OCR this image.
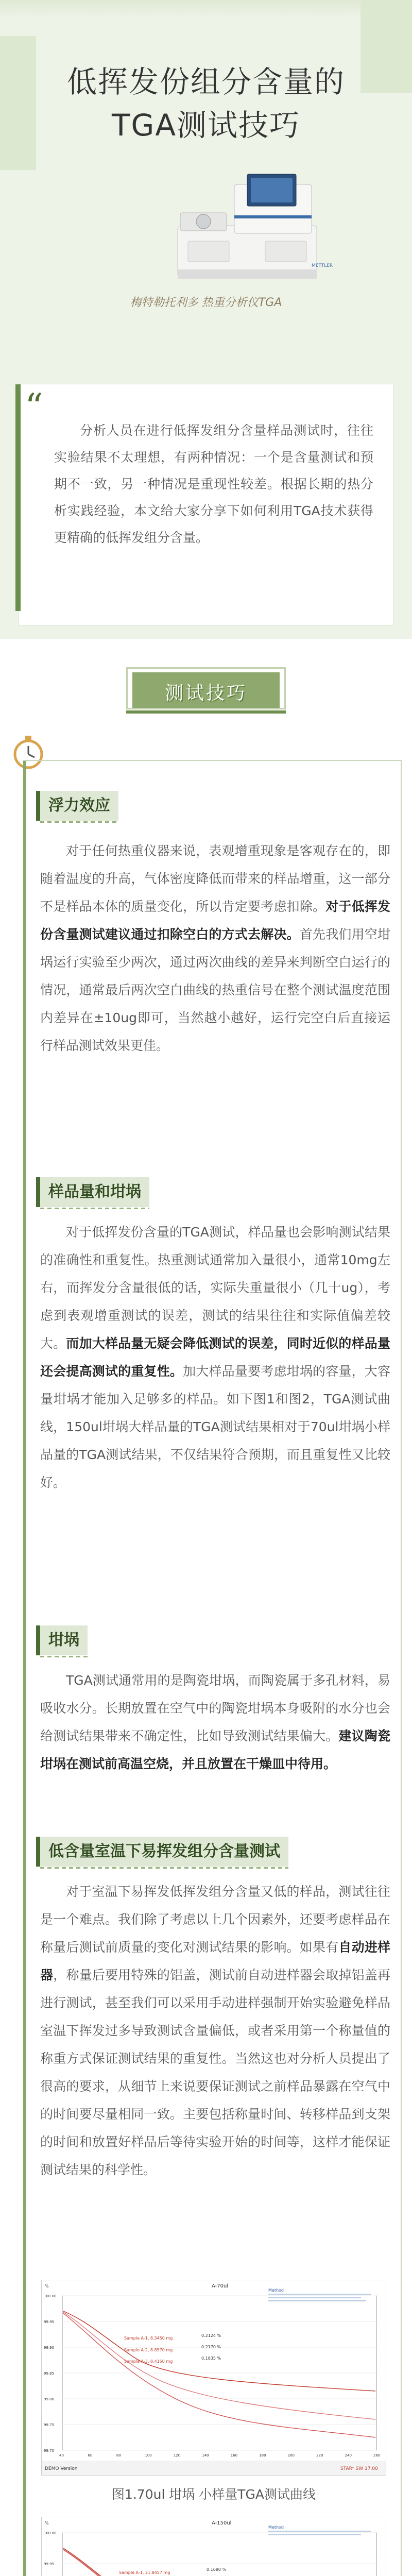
低挥发份组分含量的
TGA测试技巧
METTLER
梅特勒托利多 热重分析仪TGA
分析人员在进行低挥发组分含量样品测试时，往往实验结果不太理想，有两种情况：一个是含量测试和预期不一致，另一种情况是重现性较差。根据长期的热分析实践经验，本文给大家分享下如何利用TGA技术获得更精确的低挥发组分含量。
测试技巧
浮力效应
对于任何热重仪器来说，表观增重现象是客观存在的，即随着温度的升高，气体密度降低而带来的样品增重，这一部分不是样品本体的质量变化，所以肯定要考虑扣除。对于低挥发份含量测试建议通过扣除空白的方式去解决。首先我们用空坩埚运行实验至少两次，通过两次曲线的差异来判断空白运行的情况，通常最后两次空白曲线的热重信号在整个测试温度范围内差异在±10ug即可，当然越小越好，运行完空白后直接运行样品测试效果更佳。
样品量和坩埚
对于低挥发份含量的TGA测试，样品量也会影响测试结果的准确性和重复性。热重测试通常加入量很小，通常10mg左右，而挥发分含量很低的话，实际失重量很小（几十ug），考虑到表观增重测试的误差，测试的结果往往和实际值偏差较大。而加大样品量无疑会降低测试的误差，同时近似的样品量还会提高测试的重复性。加大样品量要考虑坩埚的容量，大容量坩埚才能加入足够多的样品。如下图1和图2，TGA测试曲线，150ul坩埚大样品量的TGA测试结果相对于70ul坩埚小样品量的TGA测试结果，不仅结果符合预期，而且重复性又比较好。
坩埚
TGA测试通常用的是陶瓷坩埚，而陶瓷属于多孔材料，易吸收水分。长期放置在空气中的陶瓷坩埚本身吸附的水分也会给测试结果带来不确定性，比如导致测试结果偏大。建议陶瓷坩埚在测试前高温空烧，并且放置在干燥皿中待用。
低含量室温下易挥发组分含量测试
对于室温下易挥发低挥发组分含量又低的样品，测试往往是一个难点。我们除了考虑以上几个因素外，还要考虑样品在称量后测试前质量的变化对测试结果的影响。如果有自动进样器，称量后要用特殊的铝盖，测试前自动进样器会取掉铝盖再进行测试，甚至我们可以采用手动进样强制开始实验避免样品室温下挥发过多导致测试含量偏低，或者采用第一个称量值的称重方式保证测试结果的重复性。当然这也对分析人员提出了很高的要求，从细节上来说要保证测试之前样品暴露在空气中的时间要尽量相同一致。主要包括称量时间、转移样品到支架的时间和放置好样品后等待实验开始的时间等，这样才能保证测试结果的科学性。
A-70ul
%
Method
100.00
99.95
99.90
99.85
99.80
99.75
99.70
40	60	80	100	120	140	160	180	200	220	240	260
Sample A-1, 8.3450 mg
Sample A-2, 8.8570 mg
Sample A-3, 8.4150 mg
0.2124 %
0.2170 %
0.1835 %
DEMO Version	STARᵉ SW 17.00
图1.70ul 坩埚 小样量TGA测试曲线
A-150ul
%
Method
100.00
99.95
Sample A-1, 21.8457 mg
0.1680 %
